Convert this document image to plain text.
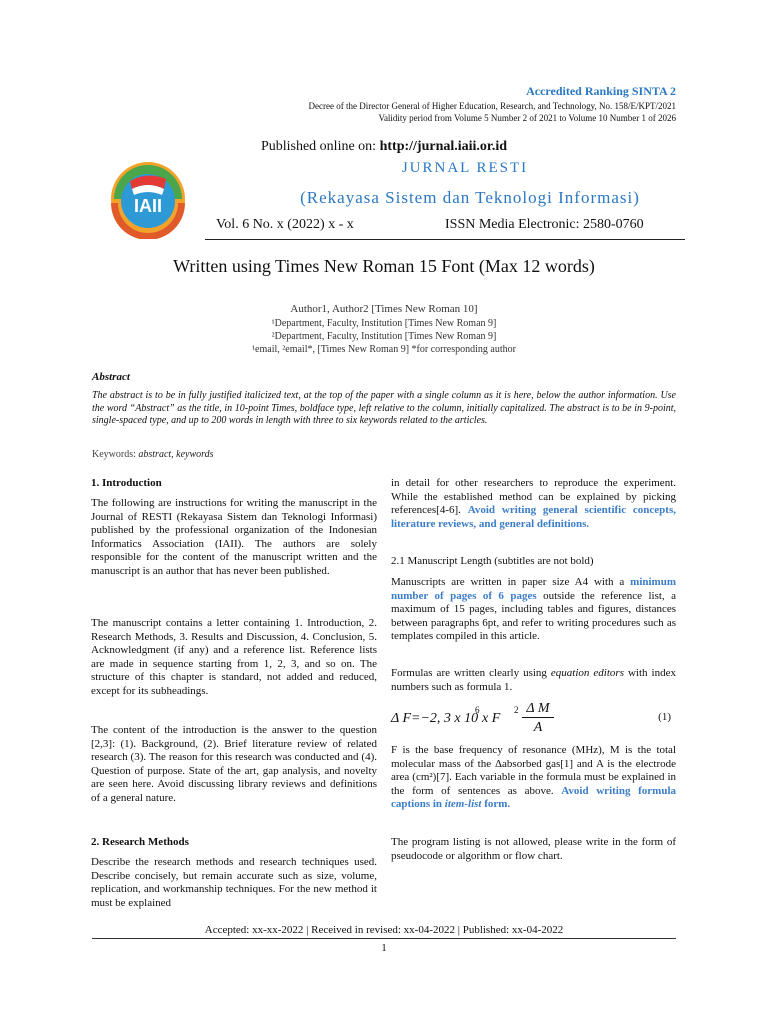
Accredited Ranking SINTA 2
Decree of the Director General of Higher Education, Research, and Technology, No. 158/E/KPT/2021
Validity period from Volume 5 Number 2 of 2021 to Volume 10 Number 1 of 2026
Published online on: http://jurnal.iaii.or.id
IAII
JURNAL RESTI
(Rekayasa Sistem dan Teknologi Informasi)
Vol. 6 No. x (2022) x - x	ISSN Media Electronic: 2580-0760
Written using Times New Roman 15 Font (Max 12 words)
Author1, Author2 [Times New Roman 10]
¹Department, Faculty, Institution [Times New Roman 9]
²Department, Faculty, Institution [Times New Roman 9]
¹email, ²email*, [Times New Roman 9] *for corresponding author
Abstract
The abstract is to be in fully justified italicized text, at the top of the paper with a single column as it is here, below the author information. Use the word “Abstract” as the title, in 10-point Times, boldface type, left relative to the column, initially capitalized. The abstract is to be in 9-point, single-spaced type, and up to 200 words in length with three to six keywords related to the articles.
Keywords: abstract, keywords
1. Introduction
The following are instructions for writing the manuscript in the Journal of RESTI (Rekayasa Sistem dan Teknologi Informasi) published by the professional organization of the Indonesian Informatics Association (IAII). The authors are solely responsible for the content of the manuscript written and the manuscript is an author that has never been published.
The manuscript contains a letter containing 1. Introduction, 2. Research Methods, 3. Results and Discussion, 4. Conclusion, 5. Acknowledgment (if any) and a reference list. Reference lists are made in sequence starting from 1, 2, 3, and so on. The structure of this chapter is standard, not added and reduced, except for its subheadings.
The content of the introduction is the answer to the question [2,3]: (1). Background, (2). Brief literature review of related research (3). The reason for this research was conducted and (4). Question of purpose. State of the art, gap analysis, and novelty are seen here. Avoid discussing library reviews and definitions of a general nature.
2. Research Methods
Describe the research methods and research techniques used. Describe concisely, but remain accurate such as size, volume, replication, and workmanship techniques. For the new method it must be explained
in detail for other researchers to reproduce the experiment. While the established method can be explained by picking references[4-6]. Avoid writing general scientific concepts, literature reviews, and general definitions.
2.1 Manuscript Length (subtitles are not bold)
Manuscripts are written in paper size A4 with a minimum number of pages of 6 pages outside the reference list, a maximum of 15 pages, including tables and figures, distances between paragraphs 6pt, and refer to writing procedures such as templates compiled in this article.
Formulas are written clearly using equation editors with index numbers such as formula 1.
Δ F=−2, 3 x 10
6
x F
2 Δ M
A
(1)
F is the base frequency of resonance (MHz), M is the total molecular mass of the Δabsorbed gas[1] and A is the electrode area (cm²)[7]. Each variable in the formula must be explained in the form of sentences as above. Avoid writing formula captions in item-list form.
The program listing is not allowed, please write in the form of pseudocode or algorithm or flow chart.
Accepted: xx-xx-2022 | Received in revised: xx-04-2022 | Published: xx-04-2022
1
